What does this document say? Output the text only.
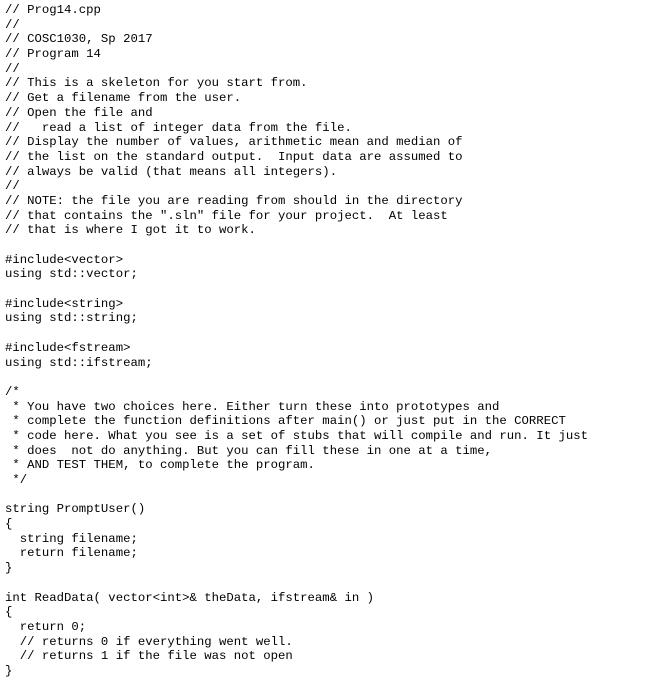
// Prog14.cpp
//
// COSC1030, Sp 2017
// Program 14
//
// This is a skeleton for you start from.
// Get a filename from the user.
// Open the file and
//   read a list of integer data from the file.
// Display the number of values, arithmetic mean and median of
// the list on the standard output.  Input data are assumed to
// always be valid (that means all integers).
//
// NOTE: the file you are reading from should in the directory
// that contains the ".sln" file for your project.  At least
// that is where I got it to work.
#include<vector>
using std::vector;
#include<string>
using std::string;
#include<fstream>
using std::ifstream;
/*
* You have two choices here. Either turn these into prototypes and
* complete the function definitions after main() or just put in the CORRECT
* code here. What you see is a set of stubs that will compile and run. It just
* does  not do anything. But you can fill these in one at a time,
* AND TEST THEM, to complete the program.
*/
string PromptUser()
{
string filename;
return filename;
}
int ReadData( vector<int>& theData, ifstream& in )
{
return 0;
// returns 0 if everything went well.
// returns 1 if the file was not open
}
